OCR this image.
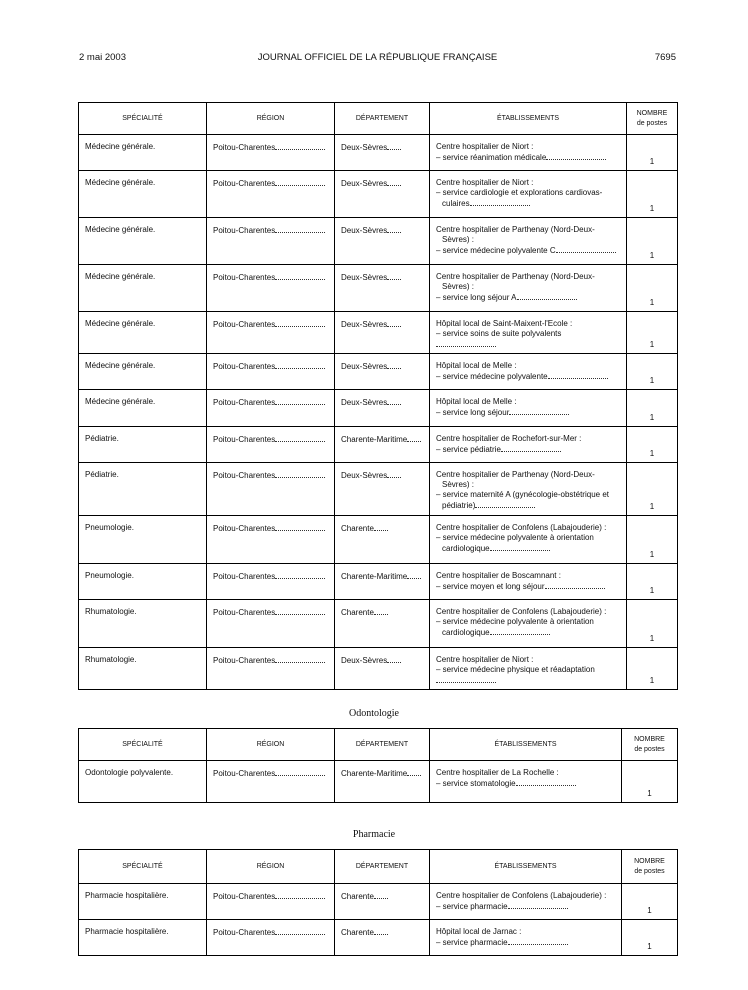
2 mai 2003	JOURNAL OFFICIEL DE LA RÉPUBLIQUE FRANÇAISE	7695
SPÉCIALITÉ	RÉGION	DÉPARTEMENT	ÉTABLISSEMENTS	NOMBRE
de postes

Médecine générale.	Poitou-Charentes	Deux-Sèvres	Centre hospitalier de Niort :
– service réanimation médicale	1
Médecine générale.	Poitou-Charentes	Deux-Sèvres	Centre hospitalier de Niort :
– service cardiologie et explorations cardiovas-
culaires	1
Médecine générale.	Poitou-Charentes	Deux-Sèvres	Centre hospitalier de Parthenay (Nord-Deux-
Sèvres) :
– service médecine polyvalente C	1
Médecine générale.	Poitou-Charentes	Deux-Sèvres	Centre hospitalier de Parthenay (Nord-Deux-
Sèvres) :
– service long séjour A	1
Médecine générale.	Poitou-Charentes	Deux-Sèvres	Hôpital local de Saint-Maixent-l'Ecole :
– service soins de suite polyvalents	1
Médecine générale.	Poitou-Charentes	Deux-Sèvres	Hôpital local de Melle :
– service médecine polyvalente	1
Médecine générale.	Poitou-Charentes	Deux-Sèvres	Hôpital local de Melle :
– service long séjour	1
Pédiatrie.	Poitou-Charentes	Charente-Maritime	Centre hospitalier de Rochefort-sur-Mer :
– service pédiatrie	1
Pédiatrie.	Poitou-Charentes	Deux-Sèvres	Centre hospitalier de Parthenay (Nord-Deux-
Sèvres) :
– service maternité A (gynécologie-obstétrique et
pédiatrie)	1
Pneumologie.	Poitou-Charentes	Charente	Centre hospitalier de Confolens (Labajouderie) :
– service médecine polyvalente à orientation
cardiologique	1
Pneumologie.	Poitou-Charentes	Charente-Maritime	Centre hospitalier de Boscamnant :
– service moyen et long séjour	1
Rhumatologie.	Poitou-Charentes	Charente	Centre hospitalier de Confolens (Labajouderie) :
– service médecine polyvalente à orientation
cardiologique	1
Rhumatologie.	Poitou-Charentes	Deux-Sèvres	Centre hospitalier de Niort :
– service médecine physique et réadaptation	1
Odontologie
SPÉCIALITÉ	RÉGION	DÉPARTEMENT	ÉTABLISSEMENTS	NOMBRE
de postes

Odontologie polyvalente.	Poitou-Charentes	Charente-Maritime	Centre hospitalier de La Rochelle :
– service stomatologie	1
Pharmacie
SPÉCIALITÉ	RÉGION	DÉPARTEMENT	ÉTABLISSEMENTS	NOMBRE
de postes

Pharmacie hospitalière.	Poitou-Charentes	Charente	Centre hospitalier de Confolens (Labajouderie) :
– service pharmacie	1
Pharmacie hospitalière.	Poitou-Charentes	Charente	Hôpital local de Jarnac :
– service pharmacie	1
